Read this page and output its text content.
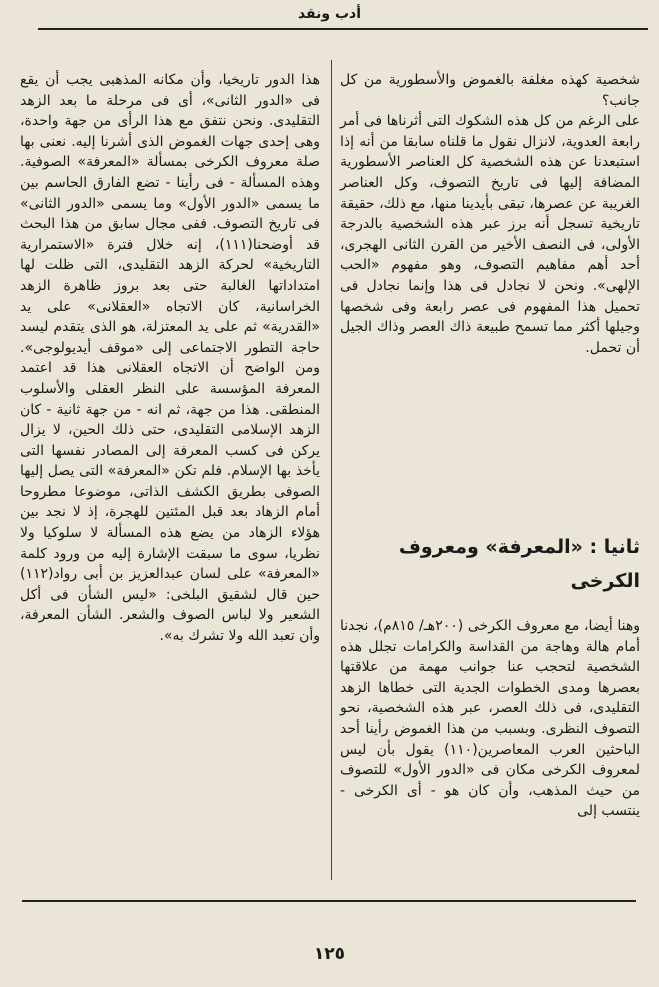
أدب ونقد

شخصية كهذه مغلفة بالغموض والأسطورية من كل جانب؟

على الرغم من كل هذه الشكوك التى أثرناها فى أمر رابعة العدوية، لانزال نقول ما قلناه سابقا من أنه إذا استبعدنا عن هذه الشخصية كل العناصر الأسطورية المضافة إليها فى تاريخ التصوف، وكل العناصر الغريبة عن عصرها، تبقى بأيدينا منها، مع ذلك، حقيقة تاريخية تسجل أنه برز عبر هذه الشخصية بالدرجة الأولى، فى النصف الأخير من القرن الثانى الهجرى، أحد أهم مفاهيم التصوف، وهو مفهوم «الحب الإلهى». ونحن لا نجادل فى هذا وإنما نجادل فى تحميل هذا المفهوم فى عصر رابعة وفى شخصها وجيلها أكثر مما تسمح طبيعة ذاك العصر وذاك الجيل أن تحمل.

ثانيا : «المعرفة» ومعروف الكرخى

وهنا أيضا، مع معروف الكرخى (٢٠٠هـ/ ٨١٥م)، نجدنا أمام هالة وهاجة من القداسة والكرامات تجلل هذه الشخصية لتحجب عنا جوانب مهمة من علاقتها بعصرها ومدى الخطوات الجدية التى خطاها الزهد التقليدى، فى ذلك العصر، عبر هذه الشخصية، نحو التصوف النظرى. وبسبب من هذا الغموض رأينا أحد الباحثين العرب المعاصرين(١١٠) يقول بأن ليس لمعروف الكرخى مكان فى «الدور الأول» للتصوف من حيث المذهب، وأن كان هو - أى الكرخى - ينتسب إلى

هذا الدور تاريخيا، وأن مكانه المذهبى يجب أن يقع فى «الدور الثانى»، أى فى مرحلة ما بعد الزهد التقليدى. ونحن نتفق مع هذا الرأى من جهة واحدة، وهى إحدى جهات الغموض الذى أشرنا إليه. نعنى بها صلة معروف الكرخى بمسألة «المعرفة» الصوفية. وهذه المسألة - فى رأينا - تضع الفارق الحاسم بين ما يسمى «الدور الأول» وما يسمى «الدور الثانى» فى تاريخ التصوف. ففى مجال سابق من هذا البحث قد أوضحنا(١١١)، إنه خلال فترة «الاستمرارية التاريخية» لحركة الزهد التقليدى، التى ظلت لها امتداداتها الغالبة حتى بعد بروز ظاهرة الزهد الخراسانية، كان الاتجاه «العقلانى» على يد «القدرية» ثم على يد المعتزلة، هو الذى يتقدم ليسد حاجة التطور الاجتماعى إلى «موقف أيديولوجى». ومن الواضح أن الاتجاه العقلانى هذا قد اعتمد المعرفة المؤسسة على النظر العقلى والأسلوب المنطقى. هذا من جهة، ثم انه - من جهة ثانية - كان الزهد الإسلامى التقليدى، حتى ذلك الحين، لا يزال يركن فى كسب المعرفة إلى المصادر نفسها التى يأخذ بها الإسلام. فلم تكن «المعرفة» التى يصل إليها الصوفى بطريق الكشف الذاتى، موضوعا مطروحا أمام الزهاد بعد قبل المئتين للهجرة، إذ لا نجد بين هؤلاء الزهاد من يضع هذه المسألة لا سلوكيا ولا نظريا، سوى ما سبقت الإشارة إليه من ورود كلمة «المعرفة» على لسان عبدالعزيز بن أبى رواد(١١٢) حين قال لشقيق البلخى: «ليس الشأن فى أكل الشعير ولا لباس الصوف والشعر. الشأن المعرفة، وأن تعبد الله ولا تشرك به».

١٢٥
